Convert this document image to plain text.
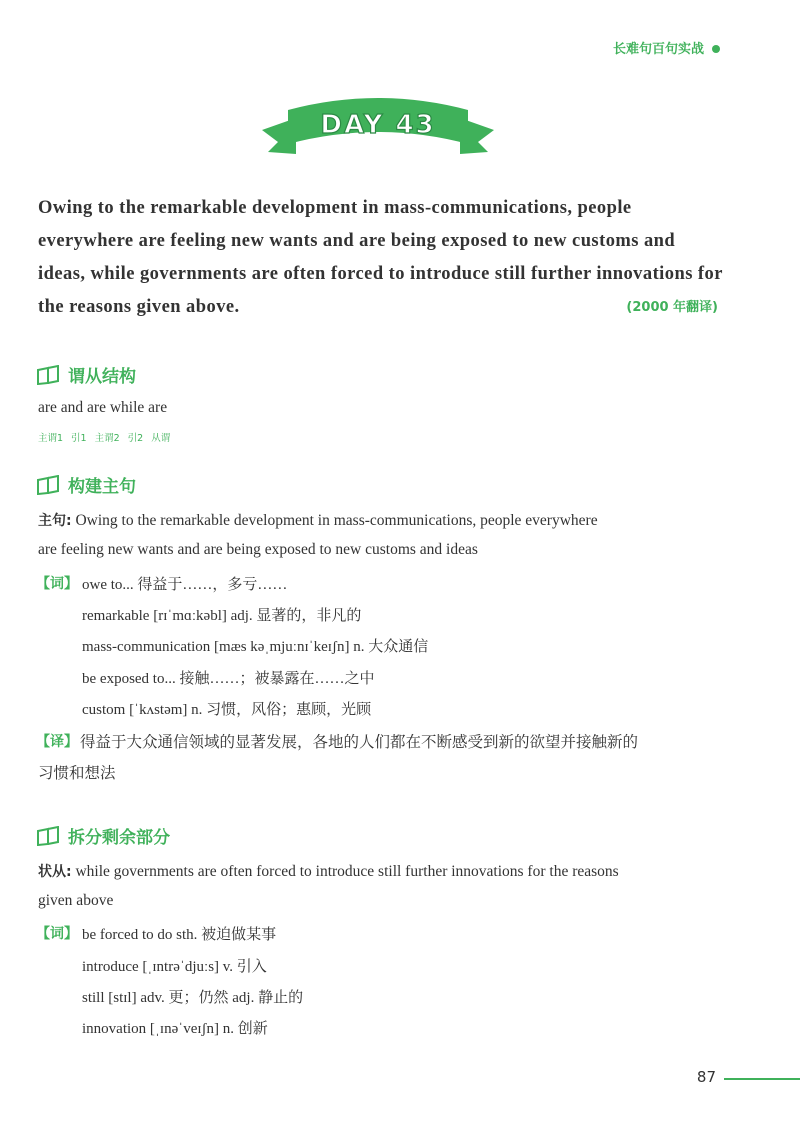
长难句百句实战
DAY 43
Owing to the remarkable development in mass-communications, people
everywhere are feeling new wants and are being exposed to new customs and
ideas, while governments are often forced to introduce still further innovations for
the reasons given above.	(2000 年翻译)
谓从结构
are and are while are
主谓1 引1 主谓2 引2 从谓
构建主句
主句: Owing to the remarkable development in mass-communications, people everywhere
are feeling new wants and are being exposed to new customs and ideas
【词】 owe to... 得益于……，多亏……
remarkable [rɪˈmɑːkəbl] adj. 显著的，非凡的
mass-communication [mæs kəˌmjuːnɪˈkeɪʃn] n. 大众通信
be exposed to... 接触……；被暴露在……之中
custom [ˈkʌstəm] n. 习惯，风俗；惠顾，光顾
【译】 得益于大众通信领域的显著发展，各地的人们都在不断感受到新的欲望并接触新的
习惯和想法
拆分剩余部分
状从: while governments are often forced to introduce still further innovations for the reasons
given above
【词】 be forced to do sth. 被迫做某事
introduce [ˌɪntrəˈdjuːs] v. 引入
still [stɪl] adv. 更；仍然 adj. 静止的
innovation [ˌɪnəˈveɪʃn] n. 创新
87
